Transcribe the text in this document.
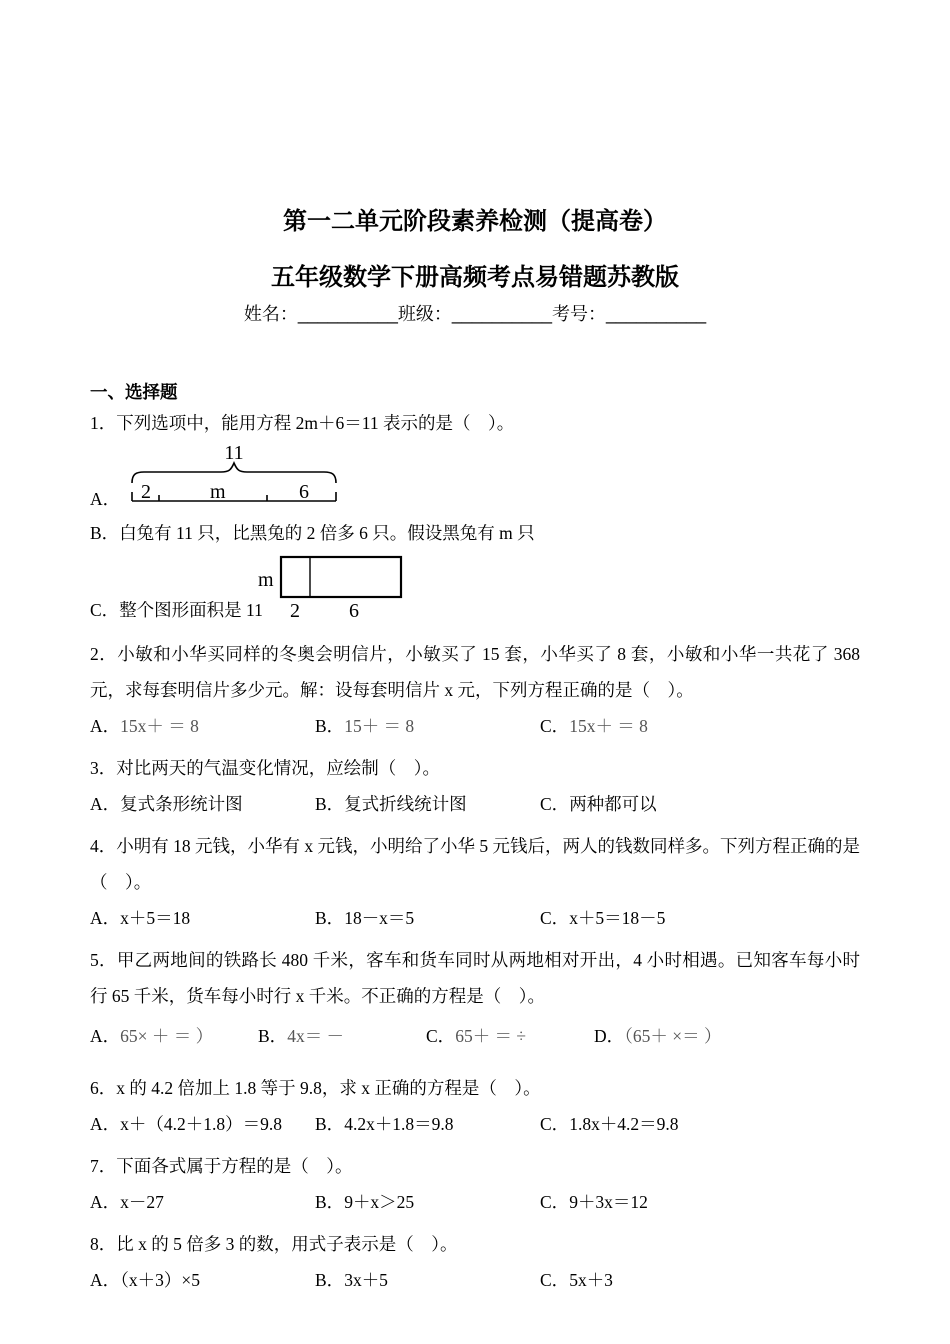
第一二单元阶段素养检测（提高卷）
五年级数学下册高频考点易错题苏教版
姓名：__________班级：__________考号：__________
一、选择题

1．下列选项中，能用方程 2m＋6＝11 表示的是（　）。

A．
11
2	m	6

B．白兔有 11 只，比黑兔的 2 倍多 6 只。假设黑兔有 m 只

m
2 6

C．整个图形面积是 11

2．小敏和小华买同样的冬奥会明信片，小敏买了 15 套，小华买了 8 套，小敏和小华一共花了 368 元，求每套明信片多少元。解：设每套明信片 x 元，下列方程正确的是（　）。

A．15x＋ ＝ 8	B．15＋ ＝ 8	C．15x＋ ＝ 8

3．对比两天的气温变化情况，应绘制（　）。

A．复式条形统计图	B．复式折线统计图	C．两种都可以

4．小明有 18 元钱，小华有 x 元钱，小明给了小华 5 元钱后，两人的钱数同样多。下列方程正确的是（　）。

A．x＋5＝18	B．18－x＝5	C．x＋5＝18－5

5．甲乙两地间的铁路长 480 千米，客车和货车同时从两地相对开出，4 小时相遇。已知客车每小时行 65 千米，货车每小时行 x 千米。不正确的方程是（　）。

A．65× ＋ ＝ ）	B．4x＝ －	C．65＋ ＝ ÷	D．（65＋ ×＝ ）

6．x 的 4.2 倍加上 1.8 等于 9.8，求 x 正确的方程是（　）。

A．x＋（4.2＋1.8）＝9.8	B．4.2x＋1.8＝9.8	C．1.8x＋4.2＝9.8

7．下面各式属于方程的是（　）。

A．x－27	B．9＋x＞25	C．9＋3x＝12

8．比 x 的 5 倍多 3 的数，用式子表示是（　）。

A．（x＋3）×5	B．3x＋5	C．5x＋3
